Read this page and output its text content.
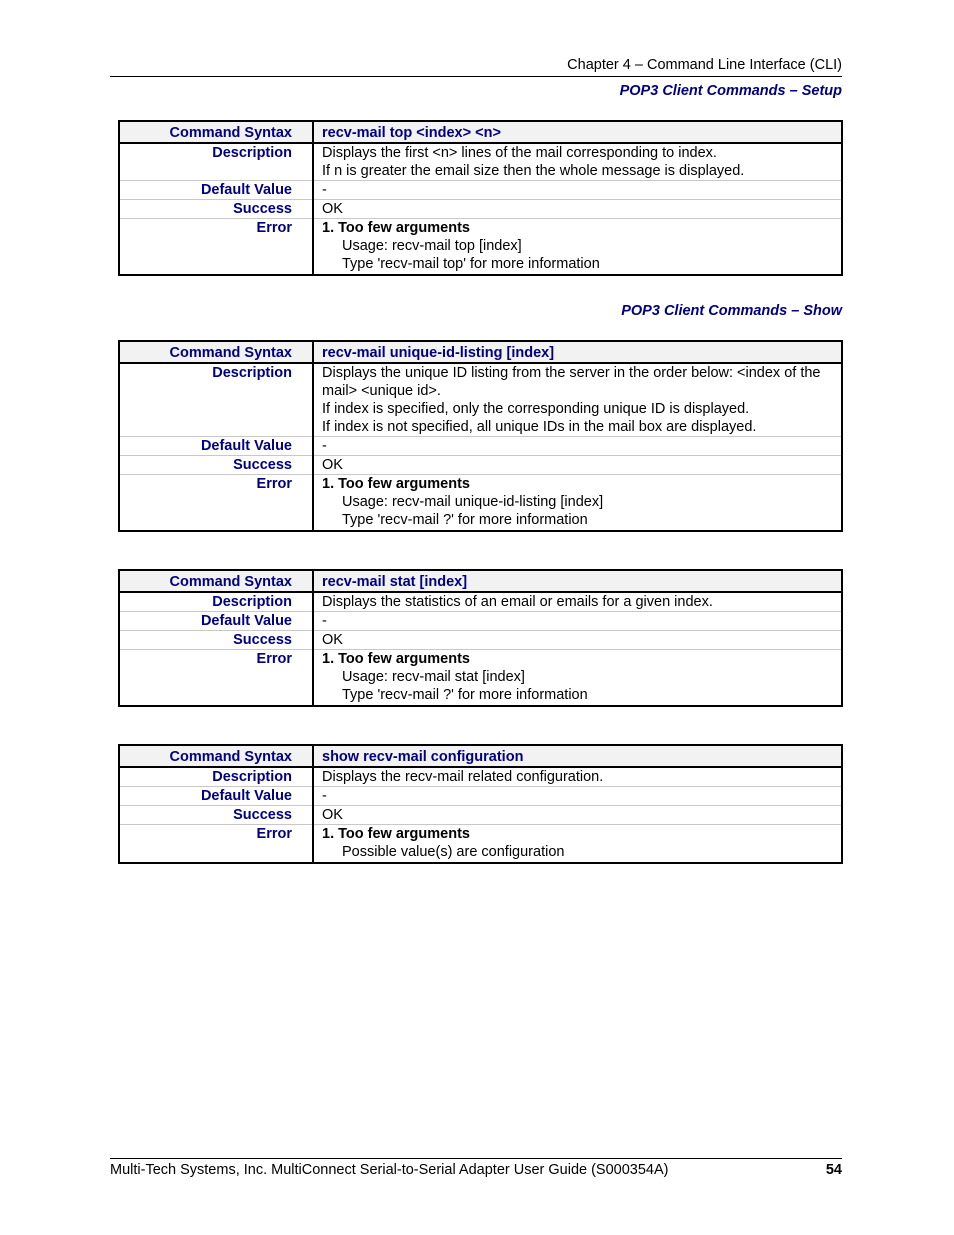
Chapter 4 – Command Line Interface (CLI)
POP3 Client Commands – Setup
POP3 Client Commands – Show
Command Syntax	recv-mail top <index> <n>
Description	Displays the first <n> lines of the mail corresponding to index.
If n is greater the email size then the whole message is displayed.

Default Value	-
Success	OK
Error	1. Too few arguments
Usage: recv-mail top [index]
Type 'recv-mail top' for more information
Command Syntax	recv-mail unique-id-listing [index]
Description	Displays the unique ID listing from the server in the order below: <index of the mail> <unique id>.
If index is specified, only the corresponding unique ID is displayed.
If index is not specified, all unique IDs in the mail box are displayed.

Default Value	-
Success	OK
Error	1. Too few arguments
Usage: recv-mail unique-id-listing [index]
Type 'recv-mail ?' for more information
Command Syntax	recv-mail stat [index]
Description	Displays the statistics of an email or emails for a given index.

Default Value	-
Success	OK
Error	1. Too few arguments
Usage: recv-mail stat [index]
Type 'recv-mail ?' for more information
Command Syntax	show recv-mail configuration
Description	Displays the recv-mail related configuration.

Default Value	-
Success	OK
Error	1. Too few arguments
Possible value(s) are configuration
Multi-Tech Systems, Inc. MultiConnect Serial-to-Serial Adapter User Guide (S000354A)	54
